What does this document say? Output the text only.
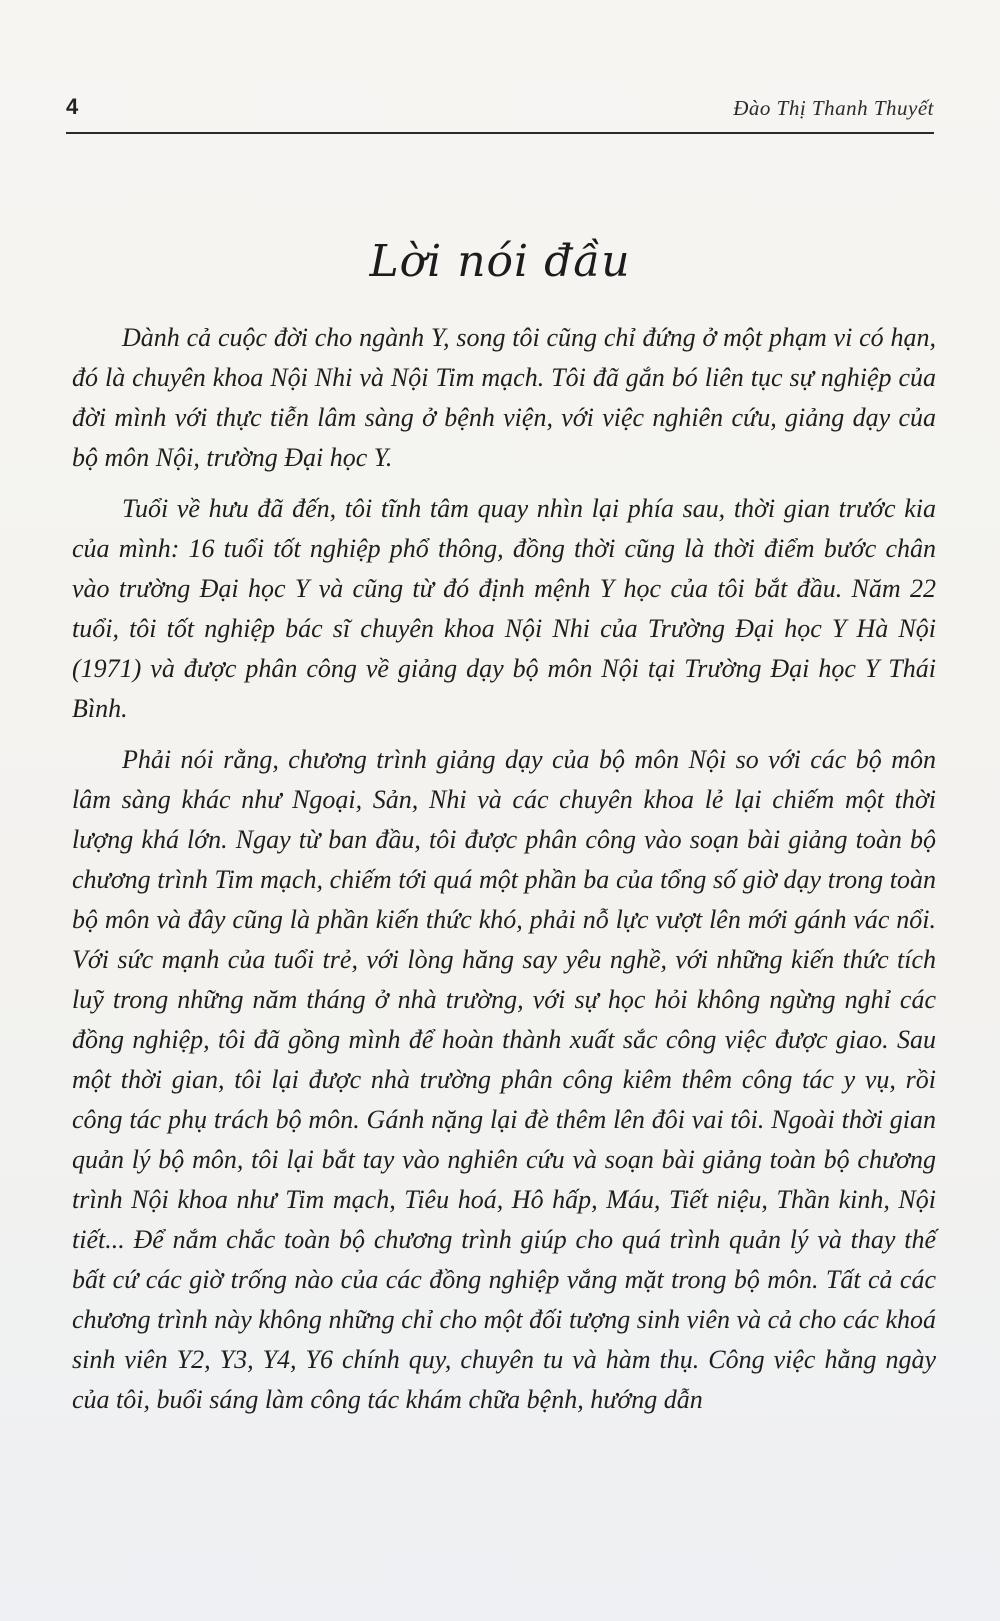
4	Đào Thị Thanh Thuyết
Lời nói đầu

Dành cả cuộc đời cho ngành Y, song tôi cũng chỉ đứng ở một phạm vi có hạn, đó là chuyên khoa Nội Nhi và Nội Tim mạch. Tôi đã gắn bó liên tục sự nghiệp của đời mình với thực tiễn lâm sàng ở bệnh viện, với việc nghiên cứu, giảng dạy của bộ môn Nội, trường Đại học Y.

Tuổi về hưu đã đến, tôi tĩnh tâm quay nhìn lại phía sau, thời gian trước kia của mình: 16 tuổi tốt nghiệp phổ thông, đồng thời cũng là thời điểm bước chân vào trường Đại học Y và cũng từ đó định mệnh Y học của tôi bắt đầu. Năm 22 tuổi, tôi tốt nghiệp bác sĩ chuyên khoa Nội Nhi của Trường Đại học Y Hà Nội (1971) và được phân công về giảng dạy bộ môn Nội tại Trường Đại học Y Thái Bình.

Phải nói rằng, chương trình giảng dạy của bộ môn Nội so với các bộ môn lâm sàng khác như Ngoại, Sản, Nhi và các chuyên khoa lẻ lại chiếm một thời lượng khá lớn. Ngay từ ban đầu, tôi được phân công vào soạn bài giảng toàn bộ chương trình Tim mạch, chiếm tới quá một phần ba của tổng số giờ dạy trong toàn bộ môn và đây cũng là phần kiến thức khó, phải nỗ lực vượt lên mới gánh vác nổi. Với sức mạnh của tuổi trẻ, với lòng hăng say yêu nghề, với những kiến thức tích luỹ trong những năm tháng ở nhà trường, với sự học hỏi không ngừng nghỉ các đồng nghiệp, tôi đã gồng mình để hoàn thành xuất sắc công việc được giao. Sau một thời gian, tôi lại được nhà trường phân công kiêm thêm công tác y vụ, rồi công tác phụ trách bộ môn. Gánh nặng lại đè thêm lên đôi vai tôi. Ngoài thời gian quản lý bộ môn, tôi lại bắt tay vào nghiên cứu và soạn bài giảng toàn bộ chương trình Nội khoa như Tim mạch, Tiêu hoá, Hô hấp, Máu, Tiết niệu, Thần kinh, Nội tiết... Để nắm chắc toàn bộ chương trình giúp cho quá trình quản lý và thay thế bất cứ các giờ trống nào của các đồng nghiệp vắng mặt trong bộ môn. Tất cả các chương trình này không những chỉ cho một đối tượng sinh viên và cả cho các khoá sinh viên Y2, Y3, Y4, Y6 chính quy, chuyên tu và hàm thụ. Công việc hằng ngày của tôi, buổi sáng làm công tác khám chữa bệnh, hướng dẫn
